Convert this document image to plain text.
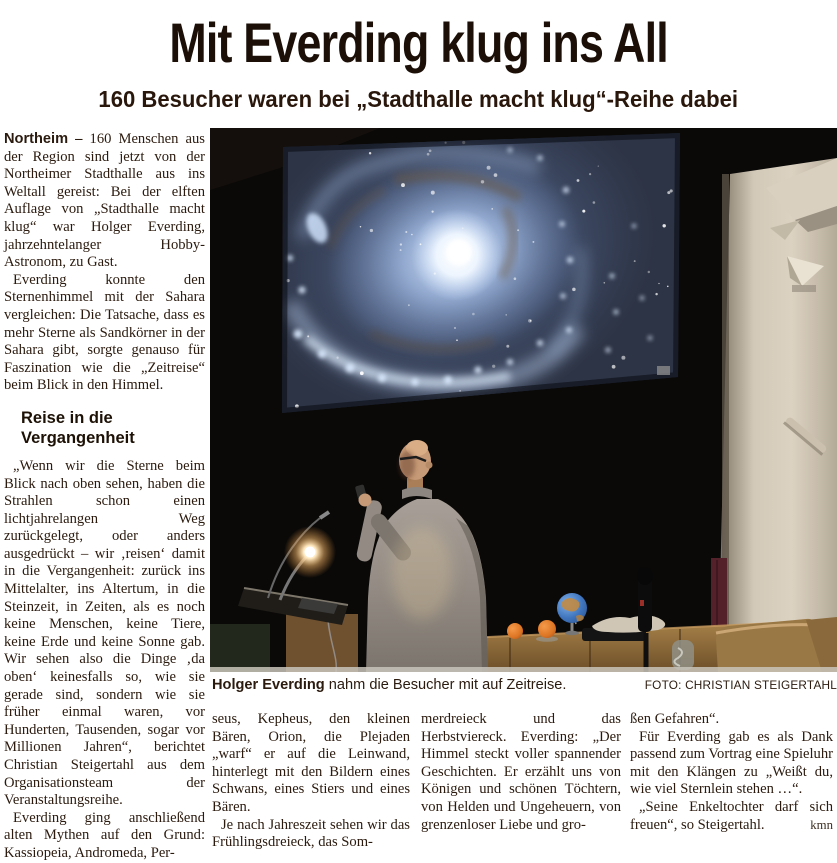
Mit Everding klug ins All
160 Besucher waren bei „Stadthalle macht klug“-Reihe dabei

Northeim – 160 Menschen aus der Region sind jetzt von der Northeimer Stadthalle aus ins Weltall gereist: Bei der elften Auflage von „Stadthalle macht klug“ war Holger Everding, jahrzehntelanger Hobby-Astronom, zu Gast.

Everding konnte den Sternenhimmel mit der Sahara vergleichen: Die Tatsache, dass es mehr Sterne als Sandkörner in der Sahara gibt, sorgte genauso für Faszination wie die „Zeitreise“ beim Blick in den Himmel.

Reise in die Vergangenheit

„Wenn wir die Sterne beim Blick nach oben sehen, haben die Strahlen schon einen lichtjahrelangen Weg zurückgelegt, oder anders ausgedrückt – wir ‚reisen‘ damit in die Vergangenheit: zurück ins Mittelalter, ins Altertum, in die Steinzeit, in Zeiten, als es noch keine Menschen, keine Tiere, keine Erde und keine Sonne gab. Wir sehen also die Dinge ‚da oben‘ keinesfalls so, wie sie gerade sind, sondern wie sie früher einmal waren, vor Hunderten, Tausenden, sogar vor Millionen Jahren“, berichtet Christian Steigertahl aus dem Organisationsteam der Veranstaltungsreihe.

Everding ging anschließend alten Mythen auf den Grund: Kassiopeia, Andromeda, Per-

Holger Everding nahm die Besucher mit auf Zeitreise.	FOTO: CHRISTIAN STEIGERTAHL

seus, Kepheus, den kleinen Bären, Orion, die Plejaden „warf“ er auf die Leinwand, hinterlegt mit den Bildern eines Schwans, eines Stiers und eines Bären.

Je nach Jahreszeit sehen wir das Frühlingsdreieck, das Som-

merdreieck und das Herbstviereck. Everding: „Der Himmel steckt voller spannender Geschichten. Er erzählt uns von Königen und schönen Töchtern, von Helden und Ungeheuern, von grenzenloser Liebe und gro-

ßen Gefahren“.

Für Everding gab es als Dank passend zum Vortrag eine Spieluhr mit den Klängen zu „Weißt du, wie viel Sternlein stehen …“.

„Seine Enkeltochter darf sich freuen“, so Steigertahl.	kmn
